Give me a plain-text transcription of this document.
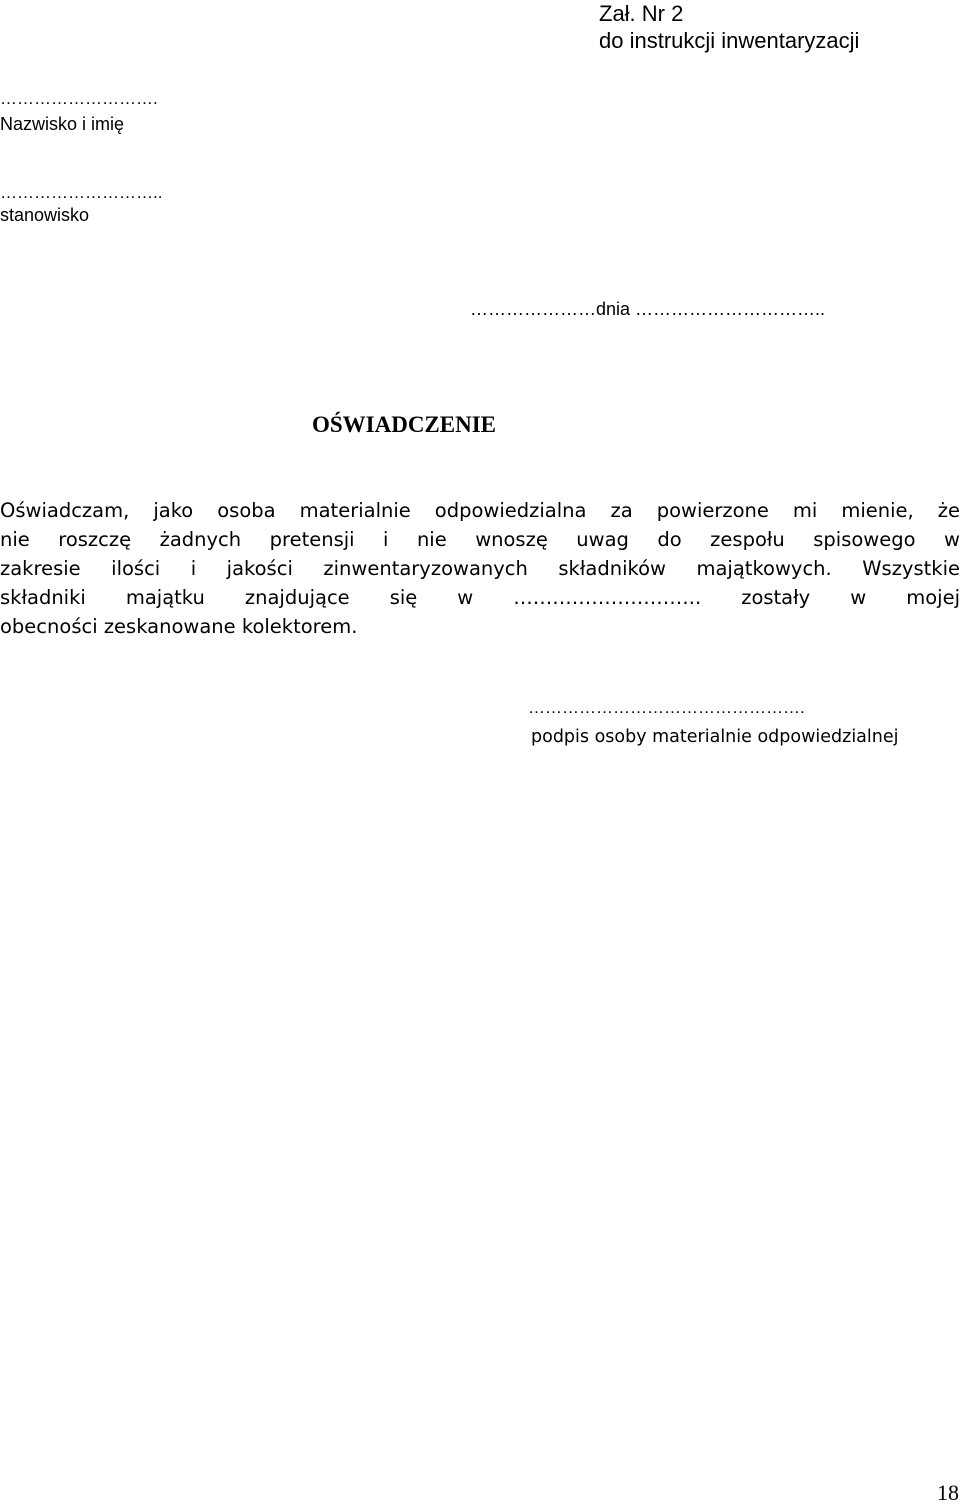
Zał. Nr 2
do instrukcji inwentaryzacji
……………………….
Nazwisko i imię
………………………..
stanowisko
…………………dnia …………………………..
OŚWIADCZENIE
Oświadczam, jako osoba materialnie odpowiedzialna za powierzone mi mienie, że
nie roszczę żadnych pretensji i nie wnoszę uwag do zespołu spisowego w
zakresie ilości i jakości zinwentaryzowanych składników majątkowych. Wszystkie
składniki majątku znajdujące się w ……………………….. zostały w mojej
obecności zeskanowane kolektorem.
………………………………………….
podpis osoby materialnie odpowiedzialnej
18
